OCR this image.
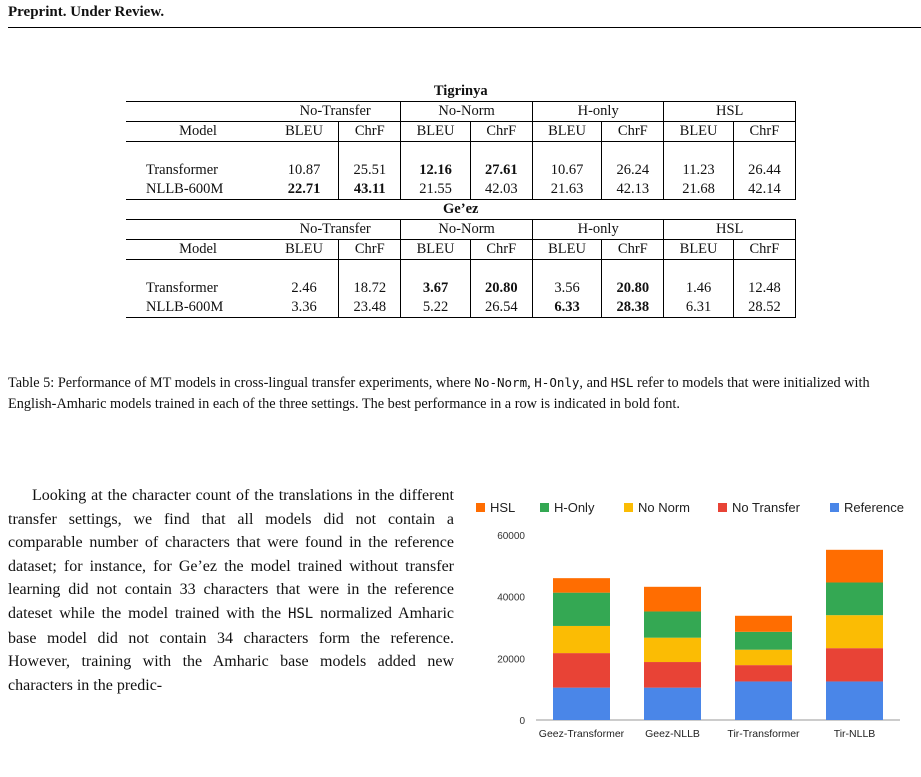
Preprint. Under Review.
Tigrinya								
	No-Transfer		No-Norm		H-only		HSL	
Model	BLEU	ChrF	BLEU	ChrF	BLEU	ChrF	BLEU	ChrF

Transformer	10.87	25.51	12.16	27.61	10.67	26.24	11.23	26.44
NLLB-600M	22.71	43.11	21.55	42.03	21.63	42.13	21.68	42.14
Ge’ez								
	No-Transfer		No-Norm		H-only		HSL	
Model	BLEU	ChrF	BLEU	ChrF	BLEU	ChrF	BLEU	ChrF

Transformer	2.46	18.72	3.67	20.80	3.56	20.80	1.46	12.48
NLLB-600M	3.36	23.48	5.22	26.54	6.33	28.38	6.31	28.52
Table 5: Performance of MT models in cross-lingual transfer experiments, where No-Norm, H-Only, and HSL refer to models that were initialized with English-Amharic models trained in each of the three settings. The best performance in a row is indicated in bold font.

Looking at the character count of the translations in the different transfer settings, we find that all models did not contain a comparable number of characters that were found in the reference dataset; for instance, for Ge’ez the model trained without transfer learning did not contain 33 characters that were in the reference dateset while the model trained with the HSL normalized Amharic base model did not contain 34 characters form the reference. However, training with the Amharic base models added new characters in the predic-

HSL	H-Only	No Norm	No Transfer	Reference
0
20000
40000
60000
Geez-Transformer Geez-NLLB	Tir-Transformer	Tir-NLLB
